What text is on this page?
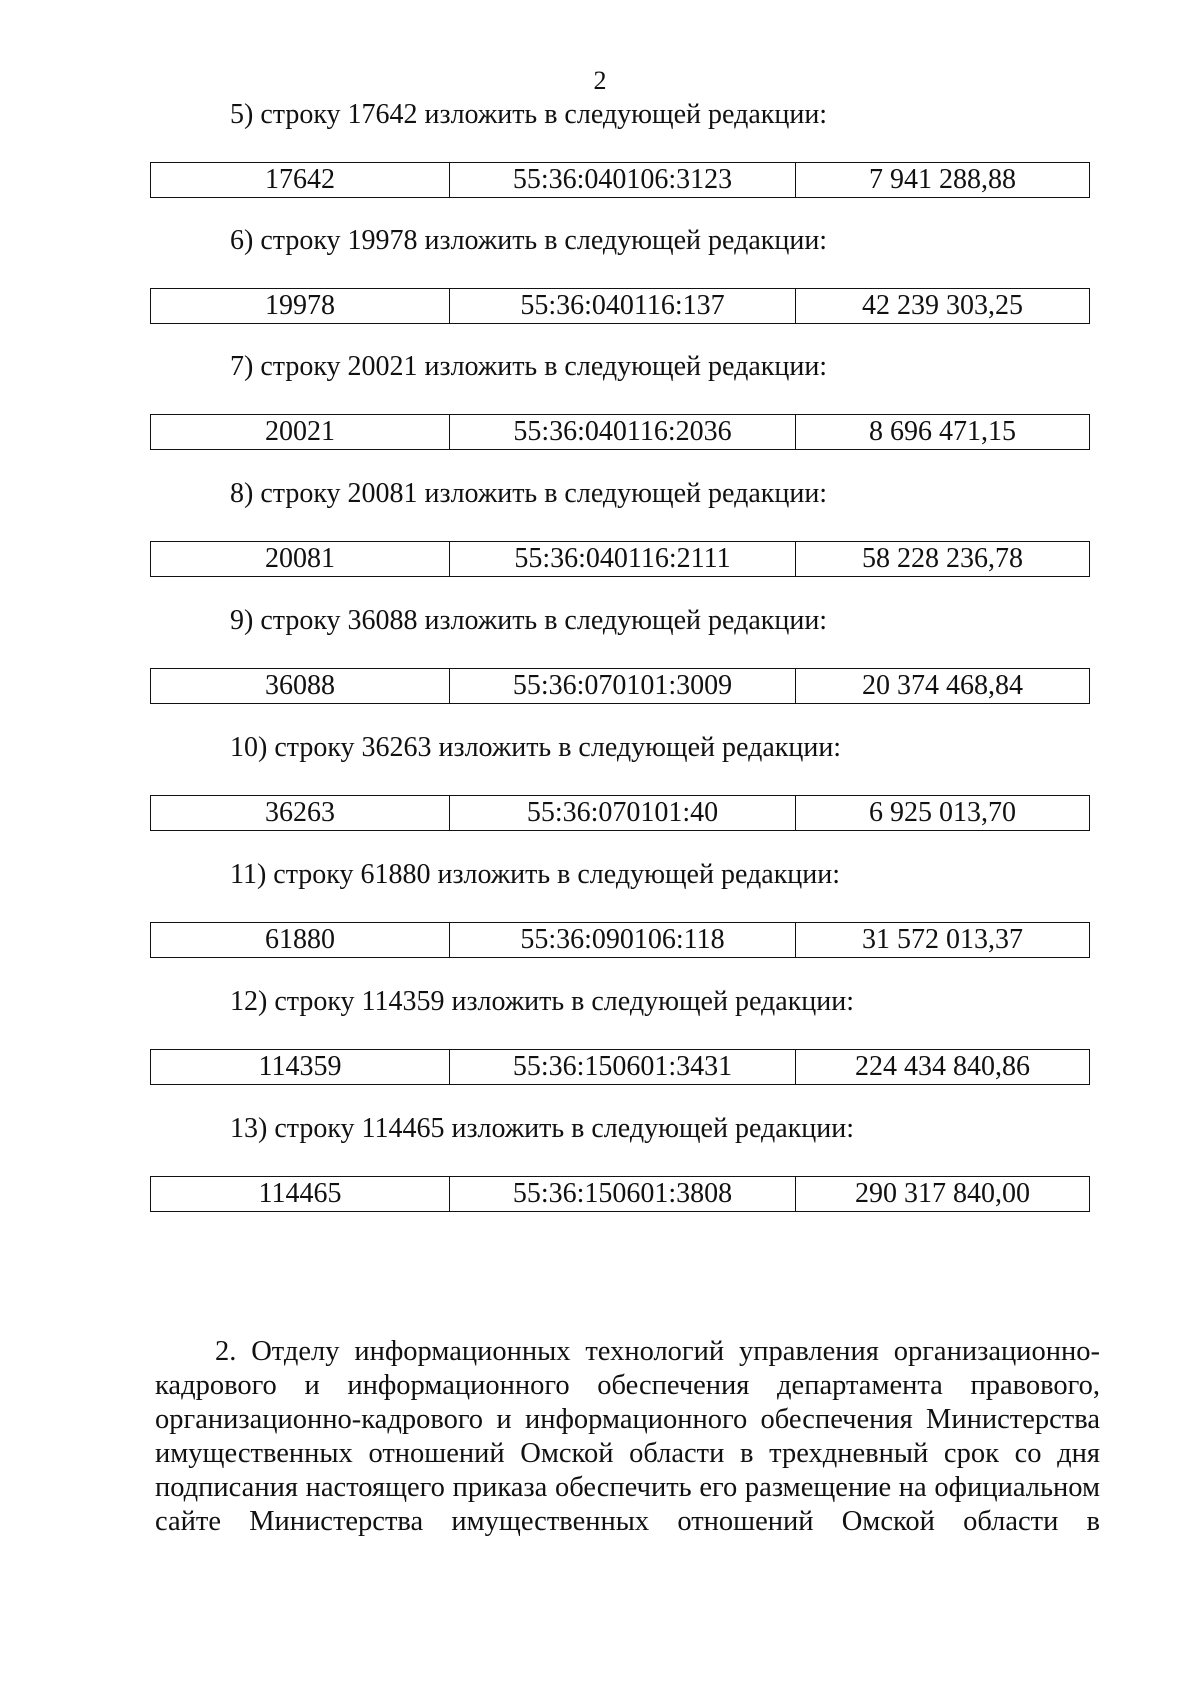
2
5) строку 17642 изложить в следующей редакции:
17642	55:36:040106:3123	7 941 288,88
6) строку 19978 изложить в следующей редакции:
19978	55:36:040116:137	42 239 303,25
7) строку 20021 изложить в следующей редакции:
20021	55:36:040116:2036	8 696 471,15
8) строку 20081 изложить в следующей редакции:
20081	55:36:040116:2111	58 228 236,78
9) строку 36088 изложить в следующей редакции:
36088	55:36:070101:3009	20 374 468,84
10) строку 36263 изложить в следующей редакции:
36263	55:36:070101:40	6 925 013,70
11) строку 61880 изложить в следующей редакции:
61880	55:36:090106:118	31 572 013,37
12) строку 114359 изложить в следующей редакции:
114359	55:36:150601:3431	224 434 840,86
13) строку 114465 изложить в следующей редакции:
114465	55:36:150601:3808	290 317 840,00

2. Отделу информационных технологий управления организационно-

кадрового и информационного обеспечения департамента правового,

организационно-кадрового и информационного обеспечения Министерства

имущественных отношений Омской области в трехдневный срок со дня

подписания настоящего приказа обеспечить его размещение на официальном

сайте Министерства имущественных отношений Омской области в
